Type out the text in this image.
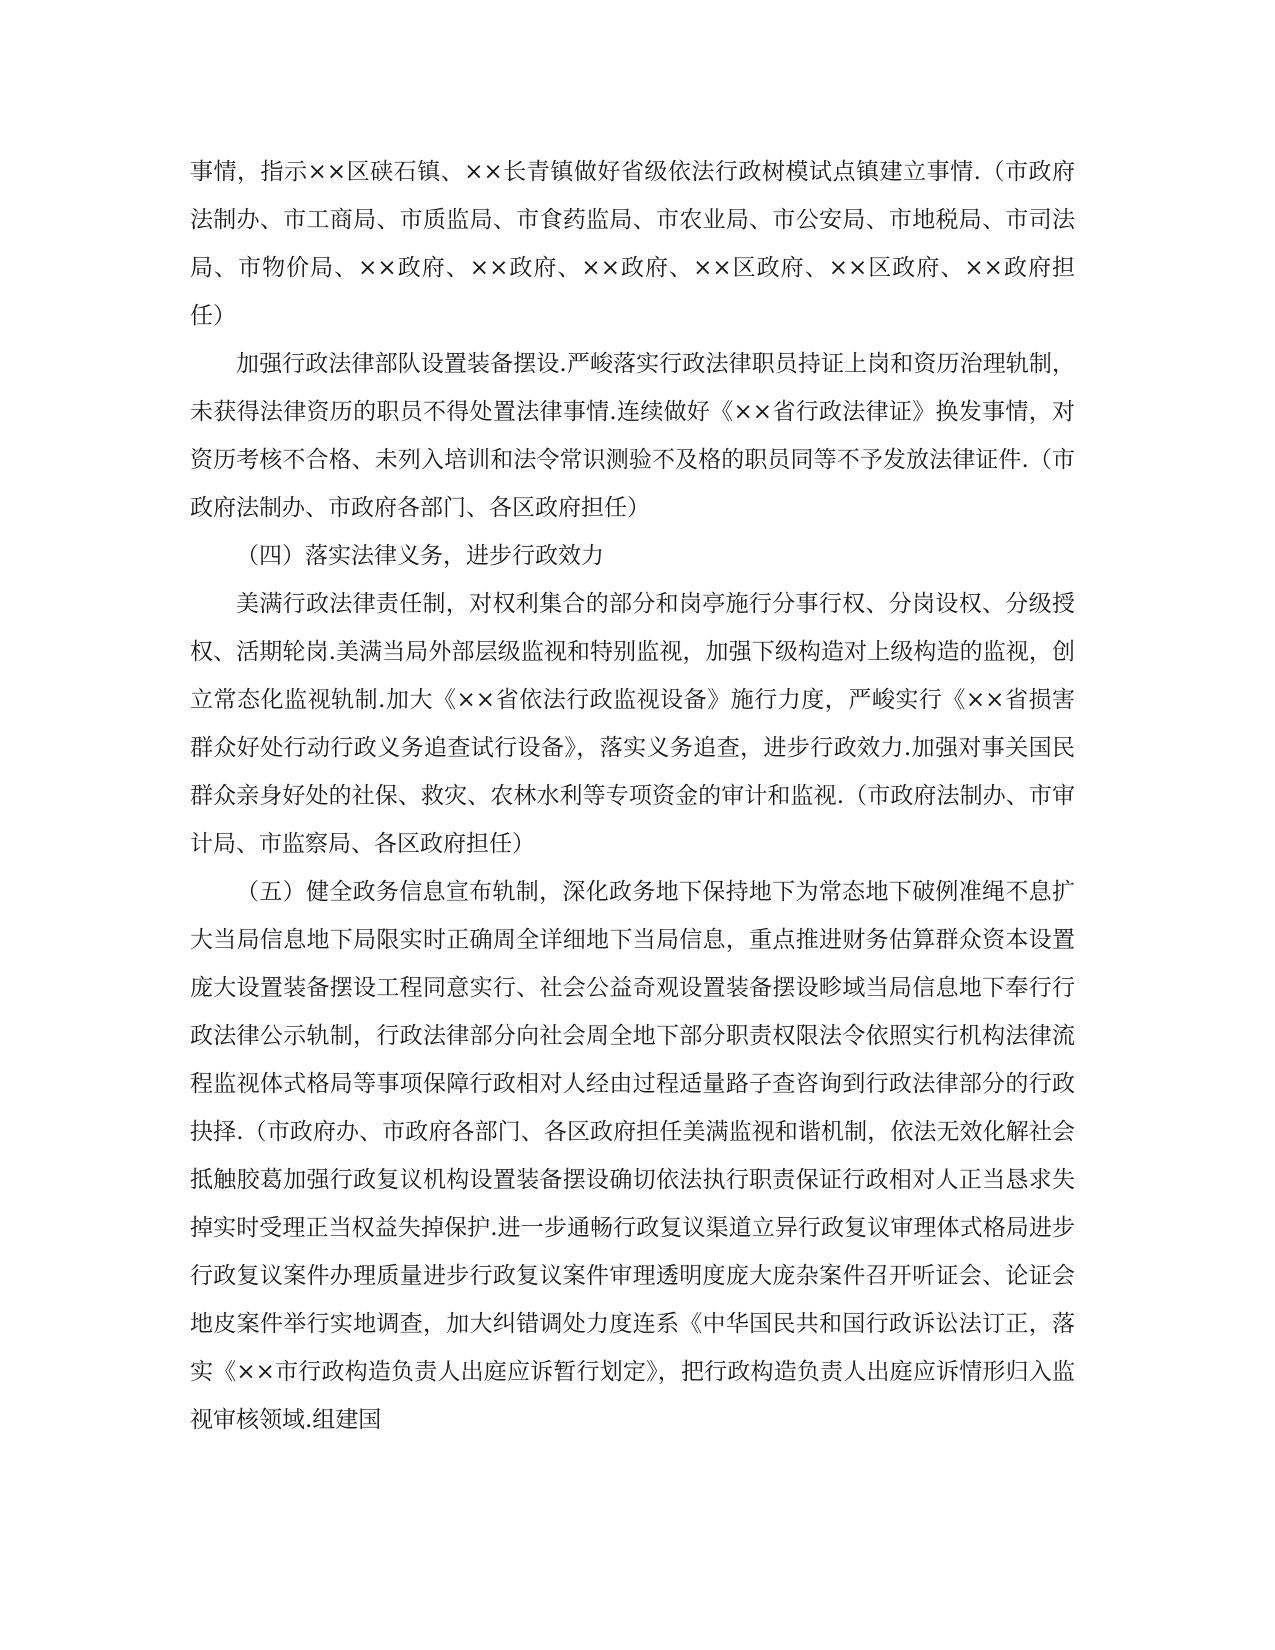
事情，指示××区硖石镇、××长青镇做好省级依法行政树模试点镇建立事情.（市政府法制办、市工商局、市质监局、市食药监局、市农业局、市公安局、市地税局、市司法局、市物价局、××政府、××政府、××政府、××区政府、××区政府、××政府担任）

加强行政法律部队设置装备摆设.严峻落实行政法律职员持证上岗和资历治理轨制，未获得法律资历的职员不得处置法律事情.连续做好《××省行政法律证》换发事情，对资历考核不合格、未列入培训和法令常识测验不及格的职员同等不予发放法律证件.（市政府法制办、市政府各部门、各区政府担任）

（四）落实法律义务，进步行政效力

美满行政法律责任制，对权利集合的部分和岗亭施行分事行权、分岗设权、分级授权、活期轮岗.美满当局外部层级监视和特别监视，加强下级构造对上级构造的监视，创立常态化监视轨制.加大《××省依法行政监视设备》施行力度，严峻实行《××省损害群众好处行动行政义务追查试行设备》，落实义务追查，进步行政效力.加强对事关国民群众亲身好处的社保、救灾、农林水利等专项资金的审计和监视.（市政府法制办、市审计局、市监察局、各区政府担任）

（五）健全政务信息宣布轨制，深化政务地下保持地下为常态地下破例准绳不息扩大当局信息地下局限实时正确周全详细地下当局信息，重点推进财务估算群众资本设置庞大设置装备摆设工程同意实行、社会公益奇观设置装备摆设畛域当局信息地下奉行行政法律公示轨制，行政法律部分向社会周全地下部分职责权限法令依照实行机构法律流程监视体式格局等事项保障行政相对人经由过程适量路子查咨询到行政法律部分的行政抉择.（市政府办、市政府各部门、各区政府担任美满监视和谐机制，依法无效化解社会抵触胶葛加强行政复议机构设置装备摆设确切依法执行职责保证行政相对人正当恳求失掉实时受理正当权益失掉保护.进一步通畅行政复议渠道立异行政复议审理体式格局进步行政复议案件办理质量进步行政复议案件审理透明度庞大庞杂案件召开听证会、论证会地皮案件举行实地调查，加大纠错调处力度连系《中华国民共和国行政诉讼法订正，落实《××市行政构造负责人出庭应诉暂行划定》，把行政构造负责人出庭应诉情形归入监视审核领域.组建国
